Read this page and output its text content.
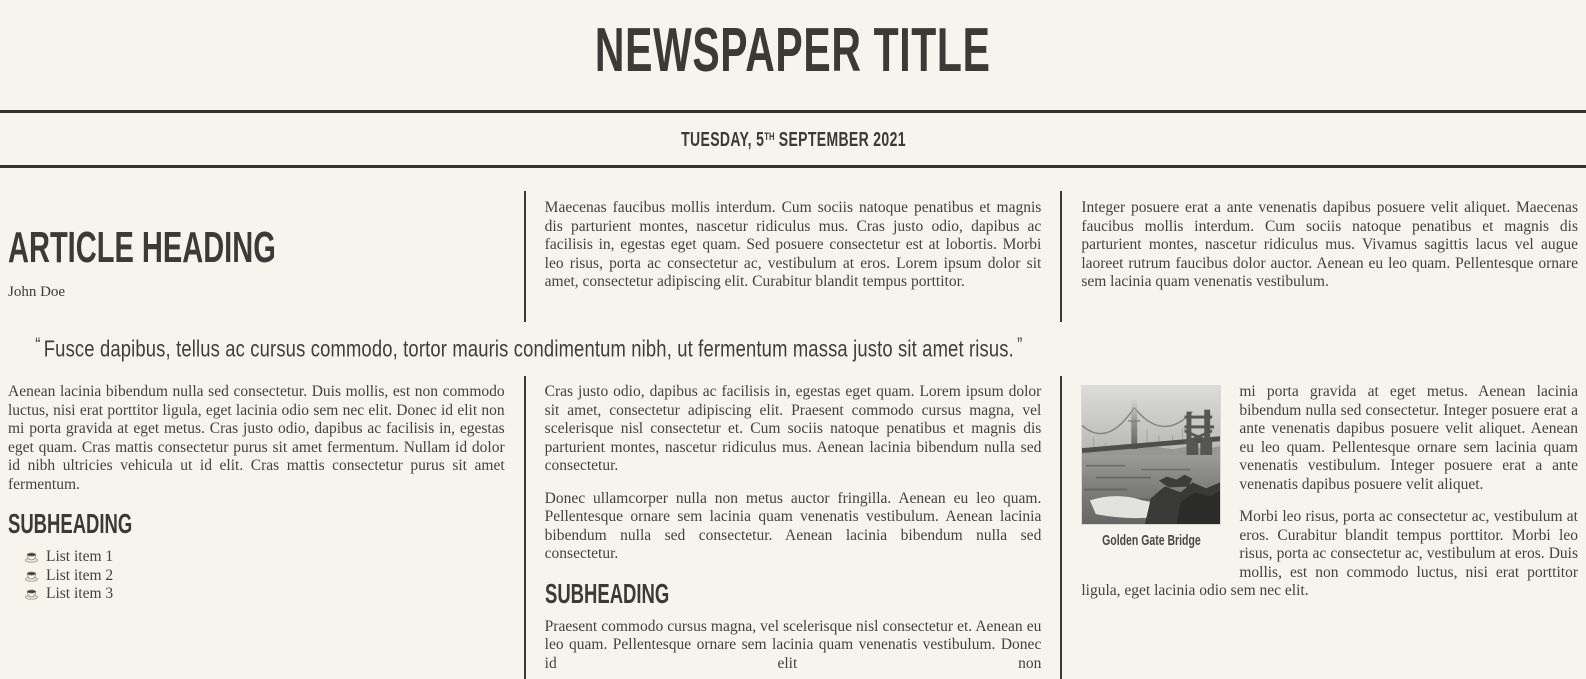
NEWSPAPER TITLE

TUESDAY, 5TH SEPTEMBER 2021

ARTICLE HEADING

John Doe

Maecenas faucibus mollis interdum. Cum sociis natoque penatibus et magnis dis parturient montes, nascetur ridiculus mus. Cras justo odio, dapibus ac facilisis in, egestas eget quam. Sed posuere consectetur est at lobortis. Morbi leo risus, porta ac consectetur ac, vestibulum at eros. Lorem ipsum dolor sit amet, consectetur adipiscing elit. Curabitur blandit tempus porttitor.

Integer posuere erat a ante venenatis dapibus posuere velit aliquet. Maecenas faucibus mollis interdum. Cum sociis natoque penatibus et magnis dis parturient montes, nascetur ridiculus mus. Vivamus sagittis lacus vel augue laoreet rutrum faucibus dolor auctor. Aenean eu leo quam. Pellentesque ornare sem lacinia quam venenatis vestibulum.

“ Fusce dapibus, tellus ac cursus commodo, tortor mauris condimentum nibh, ut fermentum massa justo sit amet risus. ”

Aenean lacinia bibendum nulla sed consectetur. Duis mollis, est non commodo luctus, nisi erat porttitor ligula, eget lacinia odio sem nec elit. Donec id elit non mi porta gravida at eget metus. Cras justo odio, dapibus ac facilisis in, egestas eget quam. Cras mattis consectetur purus sit amet fermentum. Nullam id dolor id nibh ultricies vehicula ut id elit. Cras mattis consectetur purus sit amet fermentum.

SUBHEADING
List item 1
List item 2
List item 3

Cras justo odio, dapibus ac facilisis in, egestas eget quam. Lorem ipsum dolor sit amet, consectetur adipiscing elit. Praesent commodo cursus magna, vel scelerisque nisl consectetur et. Cum sociis natoque penatibus et magnis dis parturient montes, nascetur ridiculus mus. Aenean lacinia bibendum nulla sed consectetur.

Donec ullamcorper nulla non metus auctor fringilla. Aenean eu leo quam. Pellentesque ornare sem lacinia quam venenatis vestibulum. Aenean lacinia bibendum nulla sed consectetur. Aenean lacinia bibendum nulla sed consectetur.

SUBHEADING

Praesent commodo cursus magna, vel scelerisque nisl consectetur et. Aenean eu leo quam. Pellentesque ornare sem lacinia quam venenatis vestibulum. Donec id elit non

Golden Gate Bridge

mi porta gravida at eget metus. Aenean lacinia bibendum nulla sed consectetur. Integer posuere erat a ante venenatis dapibus posuere velit aliquet. Aenean eu leo quam. Pellentesque ornare sem lacinia quam venenatis vestibulum. Integer posuere erat a ante venenatis dapibus posuere velit aliquet.

Morbi leo risus, porta ac consectetur ac, vestibulum at eros. Curabitur blandit tempus porttitor. Morbi leo risus, porta ac consectetur ac, vestibulum at eros. Duis mollis, est non commodo luctus, nisi erat porttitor ligula, eget lacinia odio sem nec elit.
